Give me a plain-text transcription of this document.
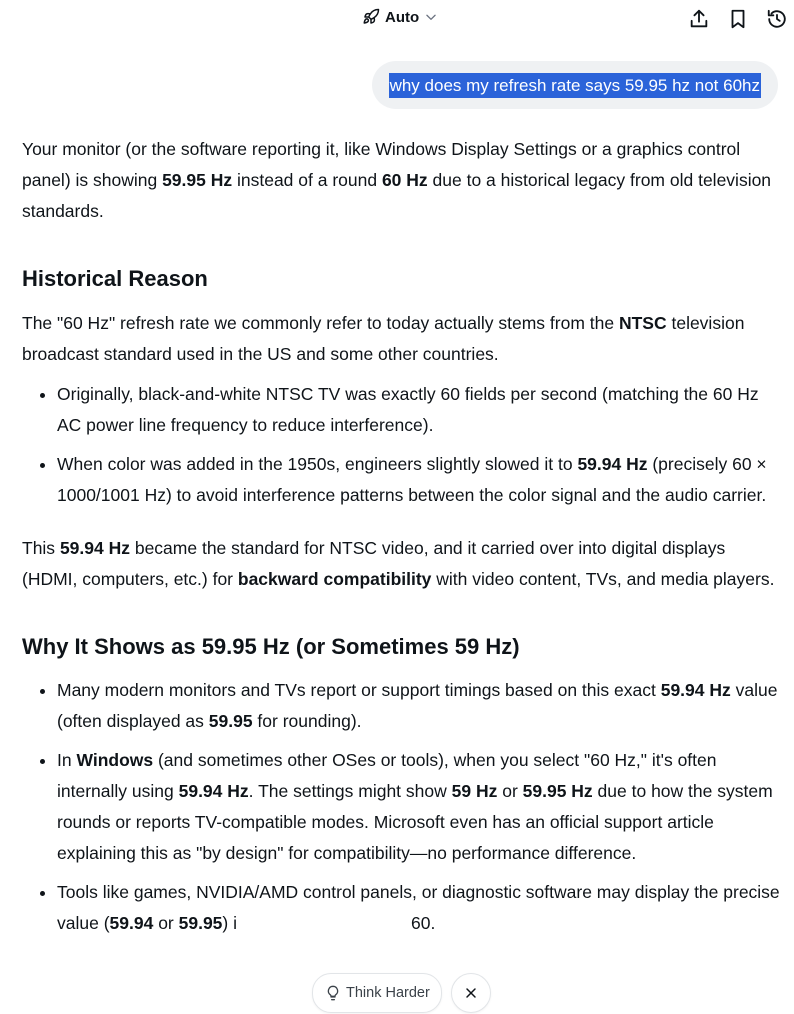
Auto
why does my refresh rate says 59.95 hz not 60hz

Your monitor (or the software reporting it, like Windows Display Settings or a graphics control panel) is showing 59.95 Hz instead of a round 60 Hz due to a historical legacy from old television standards.

Historical Reason

The "60 Hz" refresh rate we commonly refer to today actually stems from the NTSC television broadcast standard used in the US and some other countries.

• Originally, black-and-white NTSC TV was exactly 60 fields per second (matching the 60 Hz AC power line frequency to reduce interference).
• When color was added in the 1950s, engineers slightly slowed it to 59.94 Hz (precisely 60 × 1000/1001 Hz) to avoid interference patterns between the color signal and the audio carrier.

This 59.94 Hz became the standard for NTSC video, and it carried over into digital displays (HDMI, computers, etc.) for backward compatibility with video content, TVs, and media players.

Why It Shows as 59.95 Hz (or Sometimes 59 Hz)
• Many modern monitors and TVs report or support timings based on this exact 59.94 Hz value (often displayed as 59.95 for rounding).
• In Windows (and sometimes other OSes or tools), when you select "60 Hz," it's often internally using 59.94 Hz. The settings might show 59 Hz or 59.95 Hz due to how the system rounds or reports TV-compatible modes. Microsoft even has an official support article explaining this as "by design" for compatibility—no performance difference.
• Tools like games, NVIDIA/AMD control panels, or diagnostic software may display the precise value (59.94 or 59.95) i	60.
Think Harder
